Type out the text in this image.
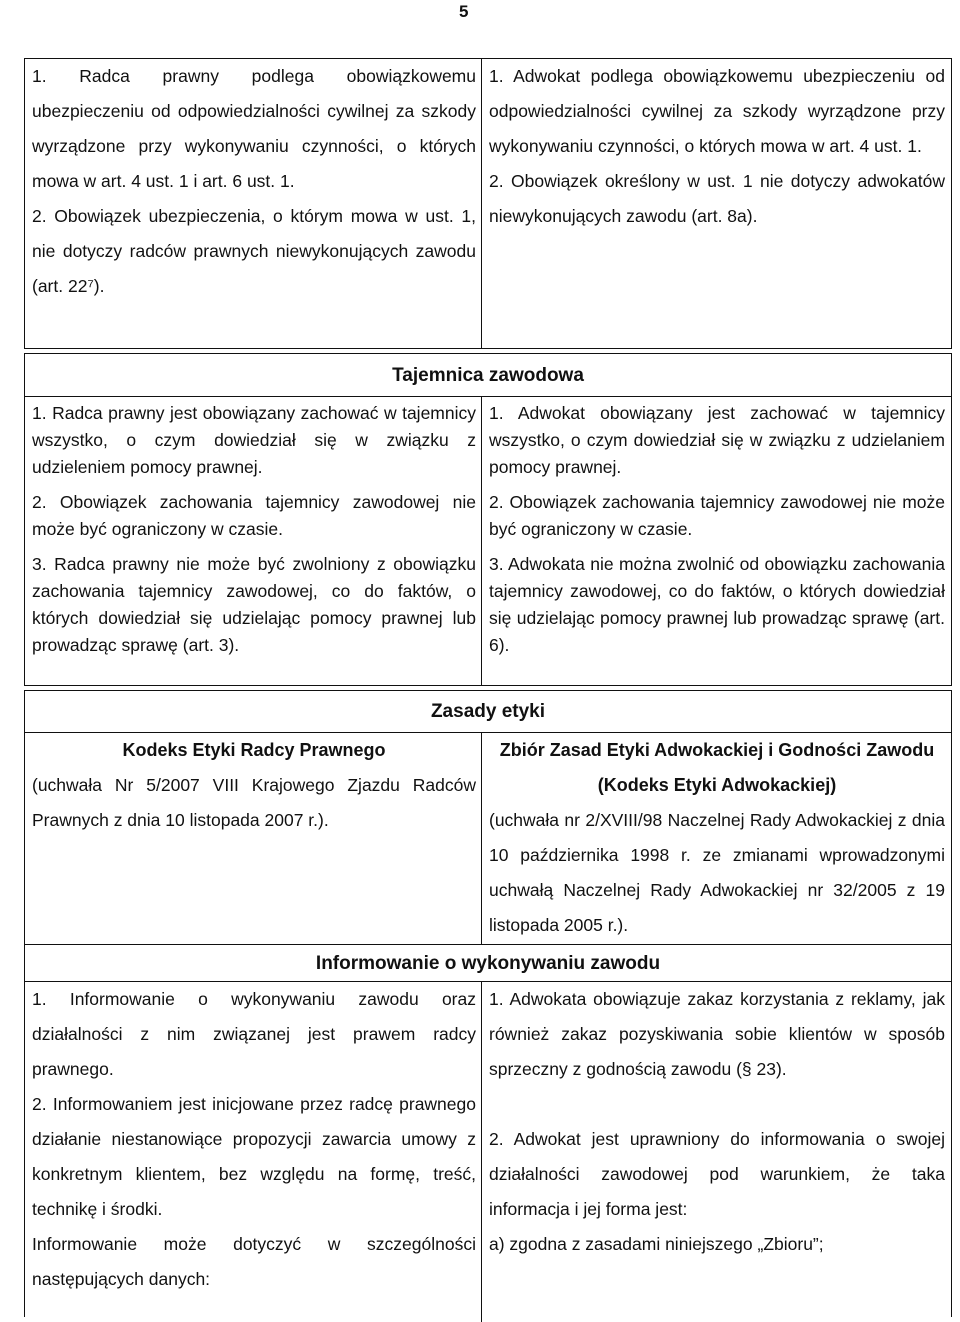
5

1. Radca prawny podlega obowiązkowemu ubezpieczeniu od odpowiedzialności cywilnej za szkody wyrządzone przy wykonywaniu czynności, o których mowa w art. 4 ust. 1 i art. 6 ust. 1.

2. Obowiązek ubezpieczenia, o którym mowa w ust. 1, nie dotyczy radców prawnych niewykonujących zawodu (art. 22⁷).

1. Adwokat podlega obowiązkowemu ubezpieczeniu od odpowiedzialności cywilnej za szkody wyrządzone przy wykonywaniu czynności, o których mowa w art. 4 ust. 1.

2. Obowiązek określony w ust. 1 nie dotyczy adwokatów niewykonujących zawodu (art. 8a).

Tajemnica zawodowa

1. Radca prawny jest obowiązany zachować w tajemnicy wszystko, o czym dowiedział się w związku z udzieleniem pomocy prawnej.

2. Obowiązek zachowania tajemnicy zawodowej nie może być ograniczony w czasie.

3. Radca prawny nie może być zwolniony z obowiązku zachowania tajemnicy zawodowej, co do faktów, o których dowiedział się udzielając pomocy prawnej lub prowadząc sprawę (art. 3).

1. Adwokat obowiązany jest zachować w tajemnicy wszystko, o czym dowiedział się w związku z udzielaniem pomocy prawnej.

2. Obowiązek zachowania tajemnicy zawodowej nie może być ograniczony w czasie.

3. Adwokata nie można zwolnić od obowiązku zachowania tajemnicy zawodowej, co do faktów, o których dowiedział się udzielając pomocy prawnej lub prowadząc sprawę (art. 6).

Zasady etyki
Kodeks Etyki Radcy Prawnego

(uchwała Nr 5/2007 VIII Krajowego Zjazdu Radców Prawnych z dnia 10 listopada 2007 r.).

Zbiór Zasad Etyki Adwokackiej i Godności Zawodu (Kodeks Etyki Adwokackiej)

(uchwała nr 2/XVIII/98 Naczelnej Rady Adwokackiej z dnia 10 października 1998 r. ze zmianami wprowadzonymi uchwałą Naczelnej Rady Adwokackiej nr 32/2005 z 19 listopada 2005 r.).

Informowanie o wykonywaniu zawodu

1. Informowanie o wykonywaniu zawodu oraz działalności z nim związanej jest prawem radcy prawnego.

2. Informowaniem jest inicjowane przez radcę prawnego działanie niestanowiące propozycji zawarcia umowy z konkretnym klientem, bez względu na formę, treść, technikę i środki.

Informowanie może dotyczyć w szczególności następujących danych:

1. Adwokata obowiązuje zakaz korzystania z reklamy, jak również zakaz pozyskiwania sobie klientów w sposób sprzeczny z godnością zawodu (§ 23).

2. Adwokat jest uprawniony do informowania o swojej działalności zawodowej pod warunkiem, że taka informacja i jej forma jest:

a) zgodna z zasadami niniejszego „Zbioru”;
